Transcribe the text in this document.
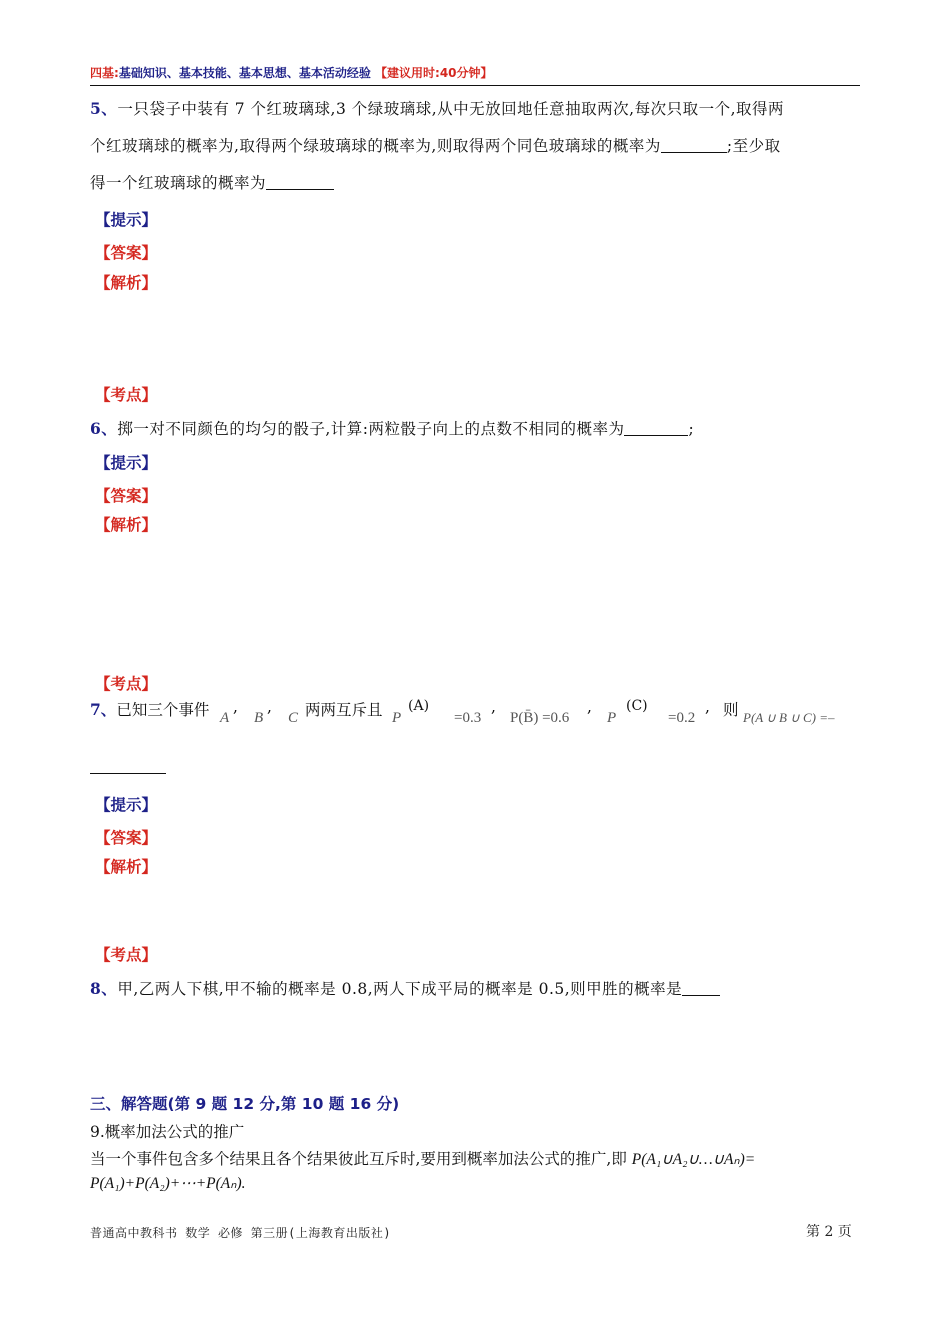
四基:基础知识、基本技能、基本思想、基本活动经验 【建议用时:40分钟】
5、一只袋子中装有 7 个红玻璃球,3 个绿玻璃球,从中无放回地任意抽取两次,每次只取一个,取得两
个红玻璃球的概率为,取得两个绿玻璃球的概率为,则取得两个同色玻璃球的概率为	;至少取
得一个红玻璃球的概率为
【提示】
【答案】
【解析】
【考点】
6、掷一对不同颜色的均匀的骰子,计算:两粒骰子向上的点数不相同的概率为	;
【提示】
【答案】
【解析】
【考点】
7、已知三个事件 A
,
B
,
C 两两互斥且 P
(A)
=0.3
,
P(B̄) =0.6
,
P
(C)
=0.2
, 则 P(A ∪ B ∪ C) =‒
【提示】
【答案】
【解析】
【考点】
8、甲,乙两人下棋,甲不输的概率是 0.8,两人下成平局的概率是 0.5,则甲胜的概率是
三、解答题(第 9 题 12 分,第 10 题 16 分)
9.概率加法公式的推广
当一个事件包含多个结果且各个结果彼此互斥时,要用到概率加法公式的推广,即 P(A₁∪A₂∪…∪Aₙ)=
P(A₁)+P(A₂)+⋯+P(Aₙ).
普通高中教科书 数学 必修 第三册(上海教育出版社)	第 2 页
